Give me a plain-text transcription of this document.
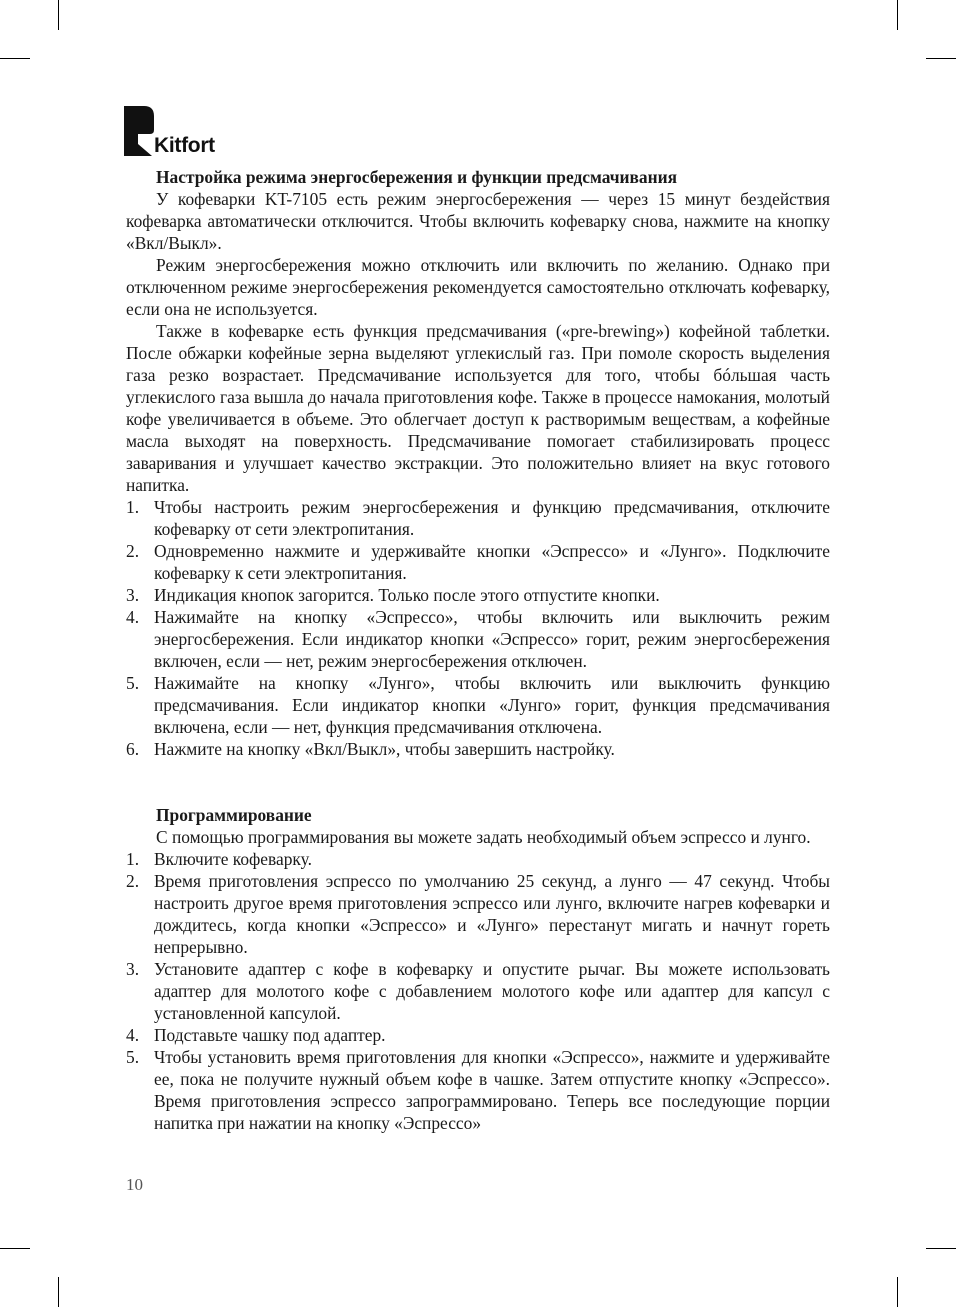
Kitfort

Настройка режима энергосбережения и функции предсмачивания

У кофеварки KT-7105 есть режим энергосбережения — через 15 минут бездействия кофеварка автоматически отключится. Чтобы включить кофеварку снова, нажмите на кнопку «Вкл/Выкл».

Режим энергосбережения можно отключить или включить по желанию. Однако при отключенном режиме энергосбережения рекомендуется самостоятельно отключать кофеварку, если она не используется.

Также в кофеварке есть функция предсмачивания («pre-brewing») кофейной таблетки. После обжарки кофейные зерна выделяют углекислый газ. При помоле скорость выделения газа резко возрастает. Предсмачивание используется для того, чтобы бóльшая часть углекислого газа вышла до начала приготовления кофе. Также в процессе намокания, молотый кофе увеличивается в объеме. Это облегчает доступ к растворимым веществам, а кофейные масла выходят на поверхность. Предсмачивание помогает стабилизировать процесс заваривания и улучшает качество экстракции. Это положительно влияет на вкус готового напитка.

1. Чтобы настроить режим энергосбережения и функцию предсмачивания, отключите кофеварку от сети электропитания.
2. Одновременно нажмите и удерживайте кнопки «Эспрессо» и «Лунго». Подключите кофеварку к сети электропитания.
3. Индикация кнопок загорится. Только после этого отпустите кнопки.
4. Нажимайте на кнопку «Эспрессо», чтобы включить или выключить режим энергосбережения. Если индикатор кнопки «Эспрессо» горит, режим энергосбережения включен, если — нет, режим энергосбережения отключен.
5. Нажимайте на кнопку «Лунго», чтобы включить или выключить функцию предсмачивания. Если индикатор кнопки «Лунго» горит, функция предсмачивания включена, если — нет, функция предсмачивания отключена.
6. Нажмите на кнопку «Вкл/Выкл», чтобы завершить настройку.

Программирование

С помощью программирования вы можете задать необходимый объем эспрессо и лунго.

1. Включите кофеварку.
2. Время приготовления эспрессо по умолчанию 25 секунд, а лунго — 47 секунд. Чтобы настроить другое время приготовления эспрессо или лунго, включите нагрев кофеварки и дождитесь, когда кнопки «Эспрессо» и «Лунго» перестанут мигать и начнут гореть непрерывно.
3. Установите адаптер с кофе в кофеварку и опустите рычаг. Вы можете использовать адаптер для молотого кофе с добавлением молотого кофе или адаптер для капсул с установленной капсулой.
4. Подставьте чашку под адаптер.
5. Чтобы установить время приготовления для кнопки «Эспрессо», нажмите и удерживайте ее, пока не получите нужный объем кофе в чашке. Затем отпустите кнопку «Эспрессо». Время приготовления эспрессо запрограммировано. Теперь все последующие порции напитка при нажатии на кнопку «Эспрессо»
10
